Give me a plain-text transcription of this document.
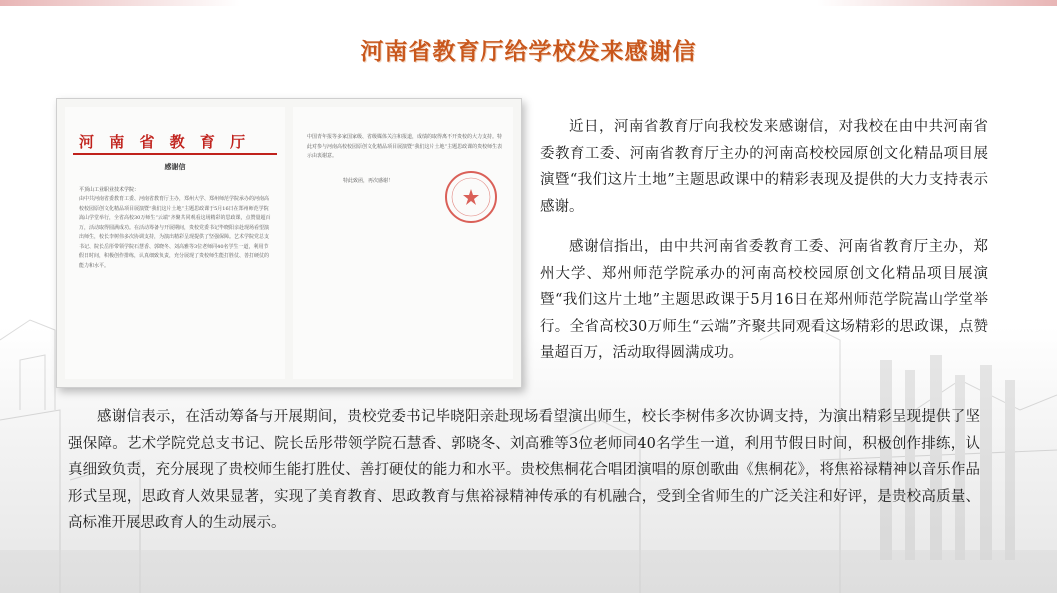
河南省教育厅给学校发来感谢信
河 南 省 教 育 厅
感谢信
平顶山工业职业技术学院：
由中共河南省委教育工委、河南省教育厅主办，郑州大学、郑州师范学院承办的河南高校校园原创文化精品项目展演暨“我们这片土地”主题思政课于5月16日在郑州师范学院嵩山学堂举行，全省高校30万师生“云端”齐聚共同观看这场精彩的思政课，点赞量超百万，活动取得圆满成功。在活动筹备与开展期间，贵校党委书记毕晓阳亲赴现场看望演出师生，校长李树伟多次协调支持，为演出精彩呈现提供了坚强保障。艺术学院党总支书记、院长岳彤带领学院石慧香、郭晓冬、刘高雅等3位老师同40名学生一道，利用节假日时间，积极创作排练，认真细致负责，充分展现了贵校师生能打胜仗、善打硬仗的能力和水平。
中国青年报等多家国家级、省级媒体关注和报道，成绩的取得离不开贵校的大力支持。特此对参与河南高校校园原创文化精品项目展演暨“我们这片土地”主题思政课的贵校师生表示由衷谢意。
特此致函，再次感谢！

近日，河南省教育厅向我校发来感谢信，对我校在由中共河南省委教育工委、河南省教育厅主办的河南高校校园原创文化精品项目展演暨“我们这片土地”主题思政课中的精彩表现及提供的大力支持表示感谢。

感谢信指出，由中共河南省委教育工委、河南省教育厅主办，郑州大学、郑州师范学院承办的河南高校校园原创文化精品项目展演暨“我们这片土地”主题思政课于5月16日在郑州师范学院嵩山学堂举行。全省高校30万师生“云端”齐聚共同观看这场精彩的思政课，点赞量超百万，活动取得圆满成功。

感谢信表示，在活动筹备与开展期间，贵校党委书记毕晓阳亲赴现场看望演出师生，校长李树伟多次协调支持，为演出精彩呈现提供了坚强保障。艺术学院党总支书记、院长岳彤带领学院石慧香、郭晓冬、刘高雅等3位老师同40名学生一道，利用节假日时间，积极创作排练，认真细致负责，充分展现了贵校师生能打胜仗、善打硬仗的能力和水平。贵校焦桐花合唱团演唱的原创歌曲《焦桐花》，将焦裕禄精神以音乐作品形式呈现，思政育人效果显著，实现了美育教育、思政教育与焦裕禄精神传承的有机融合，受到全省师生的广泛关注和好评，是贵校高质量、高标准开展思政育人的生动展示。
